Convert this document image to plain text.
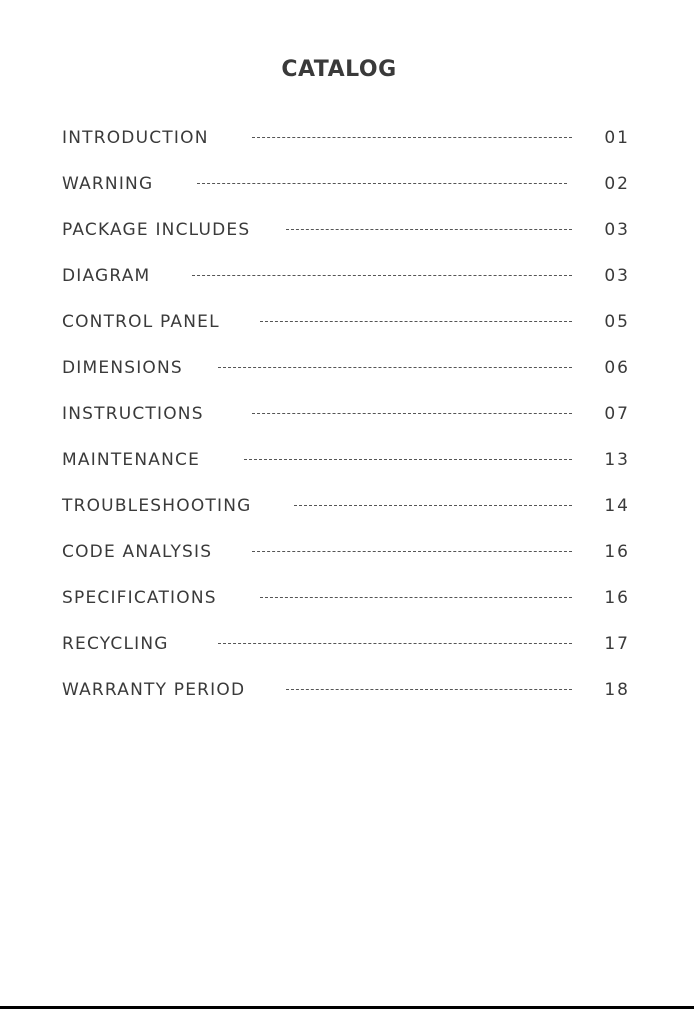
CATALOG
INTRODUCTION	01
WARNING	02
PACKAGE INCLUDES	03
DIAGRAM	03
CONTROL PANEL	05
DIMENSIONS	06
INSTRUCTIONS	07
MAINTENANCE	13
TROUBLESHOOTING	14
CODE ANALYSIS	16
SPECIFICATIONS	16
RECYCLING	17
WARRANTY PERIOD	18
